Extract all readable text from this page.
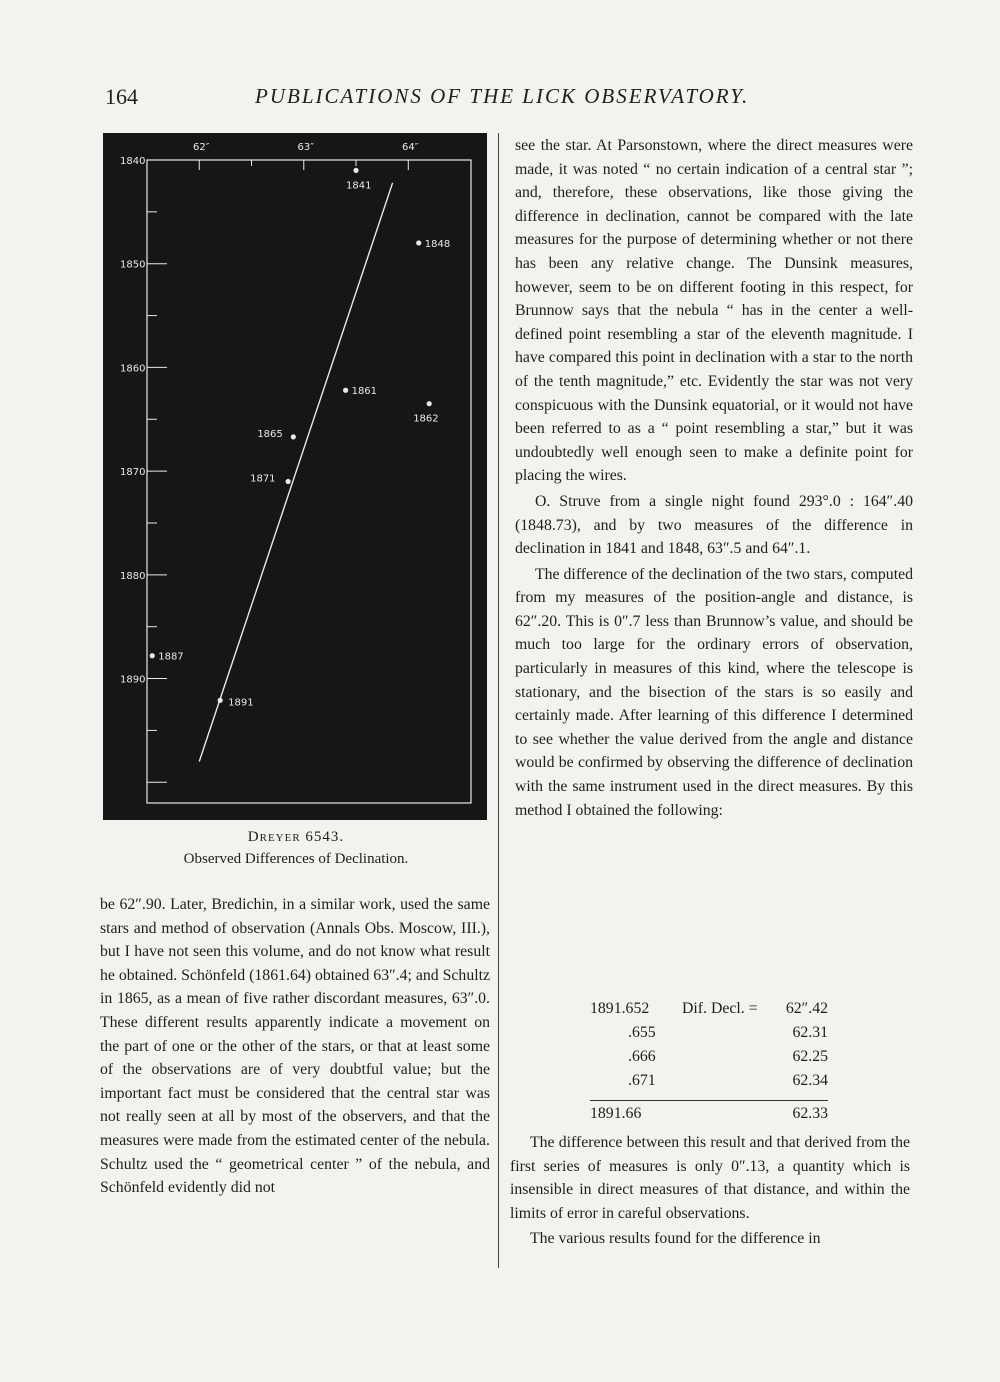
164	PUBLICATIONS OF THE LICK OBSERVATORY.
1840
1850
1860
1870
1880
1890
62″	63″	64″
1841
1848
1861
1862
1865
1871
1887
1891
Dreyer 6543.
Observed Differences of Declination.

be 62″.90. Later, Bredichin, in a similar work, used the same stars and method of observation (Annals Obs. Moscow, III.), but I have not seen this volume, and do not know what result he obtained. Schönfeld (1861.64) obtained 63″.4; and Schultz in 1865, as a mean of five rather discordant measures, 63″.0. These different results apparently indicate a movement on the part of one or the other of the stars, or that at least some of the observations are of very doubtful value; but the important fact must be considered that the central star was not really seen at all by most of the observers, and that the measures were made from the estimated center of the nebula. Schultz used the “ geometrical center ” of the nebula, and Schönfeld evidently did not

see the star. At Parsonstown, where the direct measures were made, it was noted “ no certain indication of a central star ”; and, therefore, these observations, like those giving the difference in declination, cannot be compared with the late measures for the purpose of determining whether or not there has been any relative change. The Dunsink measures, however, seem to be on different footing in this respect, for Brunnow says that the nebula “ has in the center a well-defined point resembling a star of the eleventh magnitude. I have compared this point in declination with a star to the north of the tenth magnitude,” etc. Evidently the star was not very conspicuous with the Dunsink equatorial, or it would not have been referred to as a “ point resembling a star,” but it was undoubtedly well enough seen to make a definite point for placing the wires.

O. Struve from a single night found 293°.0 : 164″.40 (1848.73), and by two measures of the difference in declination in 1841 and 1848, 63″.5 and 64″.1.

The difference of the declination of the two stars, computed from my measures of the position-angle and distance, is 62″.20. This is 0″.7 less than Brunnow’s value, and should be much too large for the ordinary errors of observation, particularly in measures of this kind, where the telescope is stationary, and the bisection of the stars is so easily and certainly made. After learning of this difference I determined to see whether the value derived from the angle and distance would be confirmed by observing the difference of declination with the same instrument used in the direct measures. By this method I obtained the following:

1891.652 Dif. Decl. = 62″.42
.655	62.31
.666	62.25
.671	62.34
1891.66	62.33

The difference between this result and that derived from the first series of measures is only 0″.13, a quantity which is insensible in direct measures of that distance, and within the limits of error in careful observations.

The various results found for the difference in
